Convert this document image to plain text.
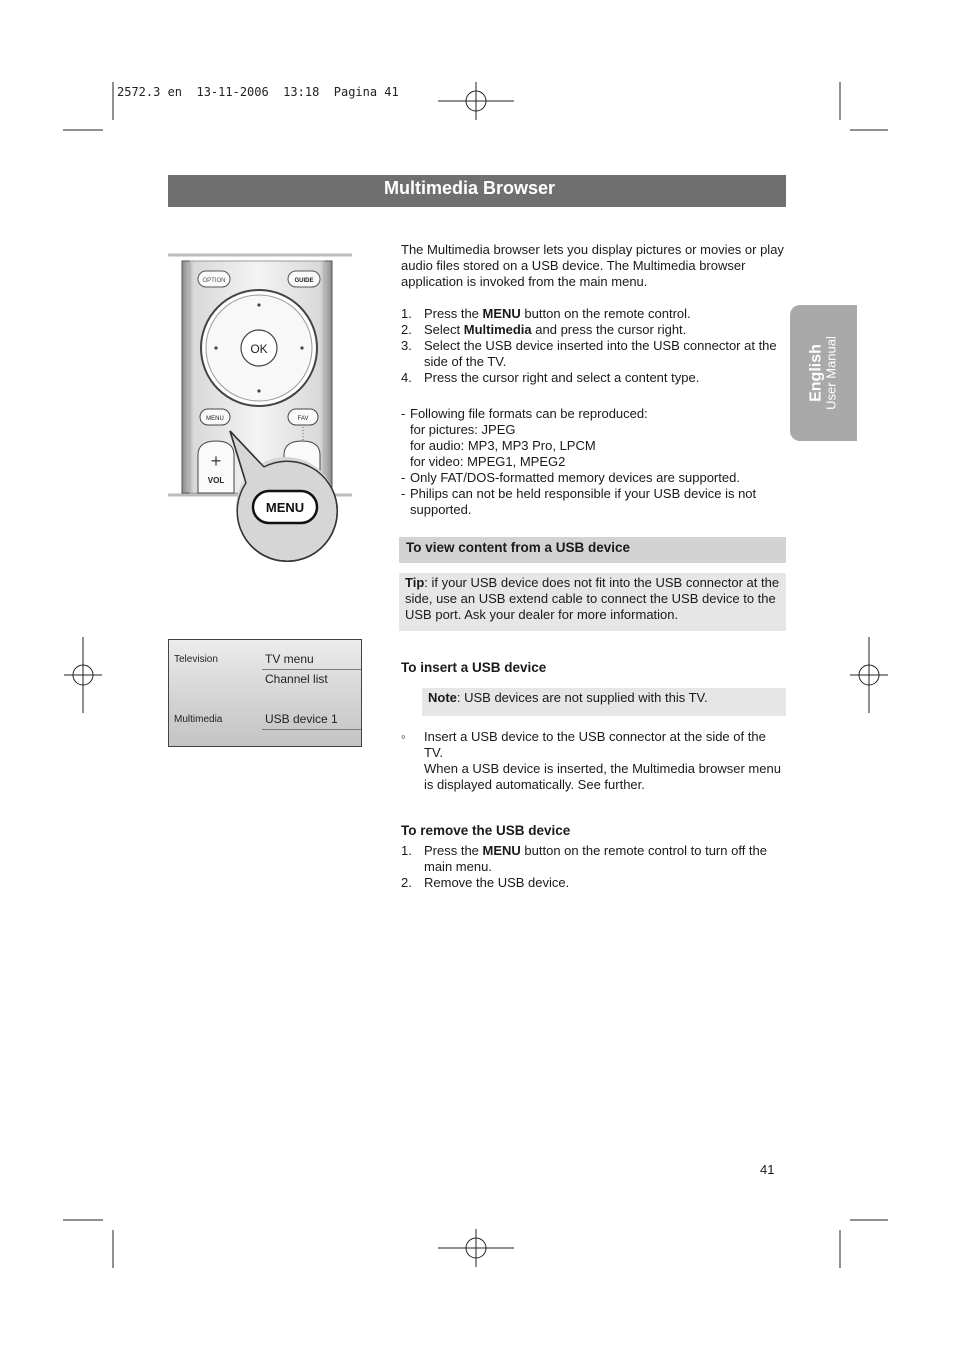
2572.3 en  13-11-2006  13:18  Pagina 41
Multimedia Browser
OPTION	GUIDE
OK
MENU	FAV
+
VOL
MENU
Television	TV menu
Channel list
Multimedia	USB device 1
The Multimedia browser lets you display pictures or movies or play audio files stored on a USB device. The Multimedia browser application is invoked from the main menu.
1. Press the MENU button on the remote control.
2. Select Multimedia and press the cursor right.
3. Select the USB device inserted into the USB connector at the side of the TV.
4. Press the cursor right and select a content type.
- Following file formats can be reproduced:
for pictures: JPEG
for audio: MP3, MP3 Pro, LPCM
for video: MPEG1, MPEG2
- Only FAT/DOS-formatted memory devices are supported.
- Philips can not be held responsible if your USB device is not supported.
To view content from a USB device
Tip: if your USB device does not fit into the USB connector at the side, use an USB extend cable to connect the USB device to the USB port. Ask your dealer for more information.
To insert a USB device
Note: USB devices are not supplied with this TV.
◦ Insert a USB device to the USB connector at the side of the TV.
When a USB device is inserted, the Multimedia browser menu is displayed automatically. See further.
To remove the USB device
1. Press the MENU button on the remote control to turn off the main menu.
2. Remove the USB device.
English User Manual
41
